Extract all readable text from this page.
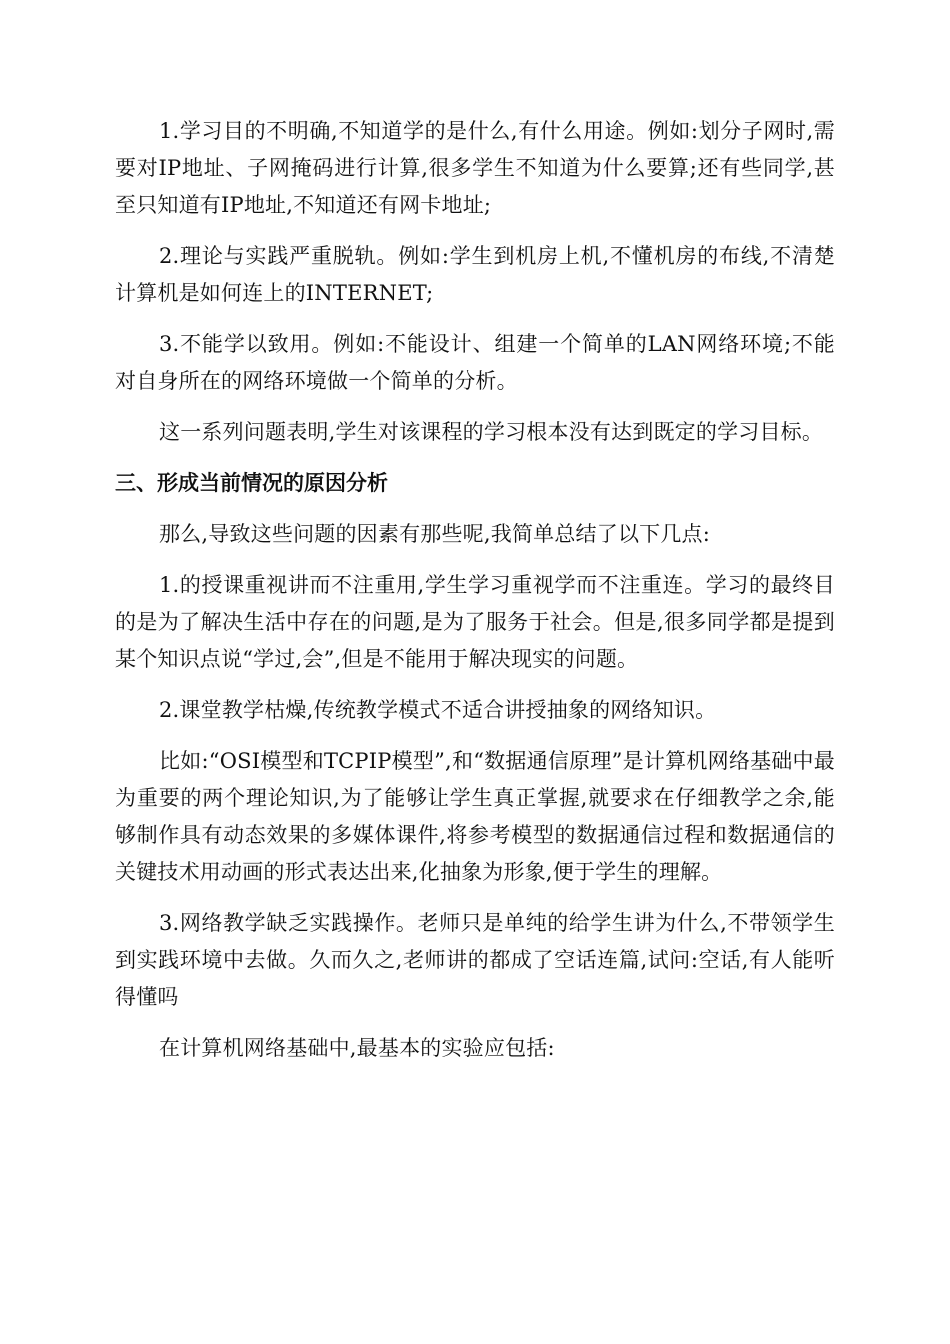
1.学习目的不明确,不知道学的是什么,有什么用途。例如:划分子网时,需要对IP地址、子网掩码进行计算,很多学生不知道为什么要算;还有些同学,甚至只知道有IP地址,不知道还有网卡地址;

2.理论与实践严重脱轨。例如:学生到机房上机,不懂机房的布线,不清楚计算机是如何连上的INTERNET;

3.不能学以致用。例如:不能设计、组建一个简单的LAN网络环境;不能对自身所在的网络环境做一个简单的分析。

这一系列问题表明,学生对该课程的学习根本没有达到既定的学习目标。

三、形成当前情况的原因分析

那么,导致这些问题的因素有那些呢,我简单总结了以下几点:

1.的授课重视讲而不注重用,学生学习重视学而不注重连。学习的最终目的是为了解决生活中存在的问题,是为了服务于社会。但是,很多同学都是提到某个知识点说“学过,会”,但是不能用于解决现实的问题。

2.课堂教学枯燥,传统教学模式不适合讲授抽象的网络知识。

比如:“OSI模型和TCPIP模型”,和“数据通信原理”是计算机网络基础中最为重要的两个理论知识,为了能够让学生真正掌握,就要求在仔细教学之余,能够制作具有动态效果的多媒体课件,将参考模型的数据通信过程和数据通信的关键技术用动画的形式表达出来,化抽象为形象,便于学生的理解。

3.网络教学缺乏实践操作。老师只是单纯的给学生讲为什么,不带领学生到实践环境中去做。久而久之,老师讲的都成了空话连篇,试问:空话,有人能听得懂吗

在计算机网络基础中,最基本的实验应包括:
